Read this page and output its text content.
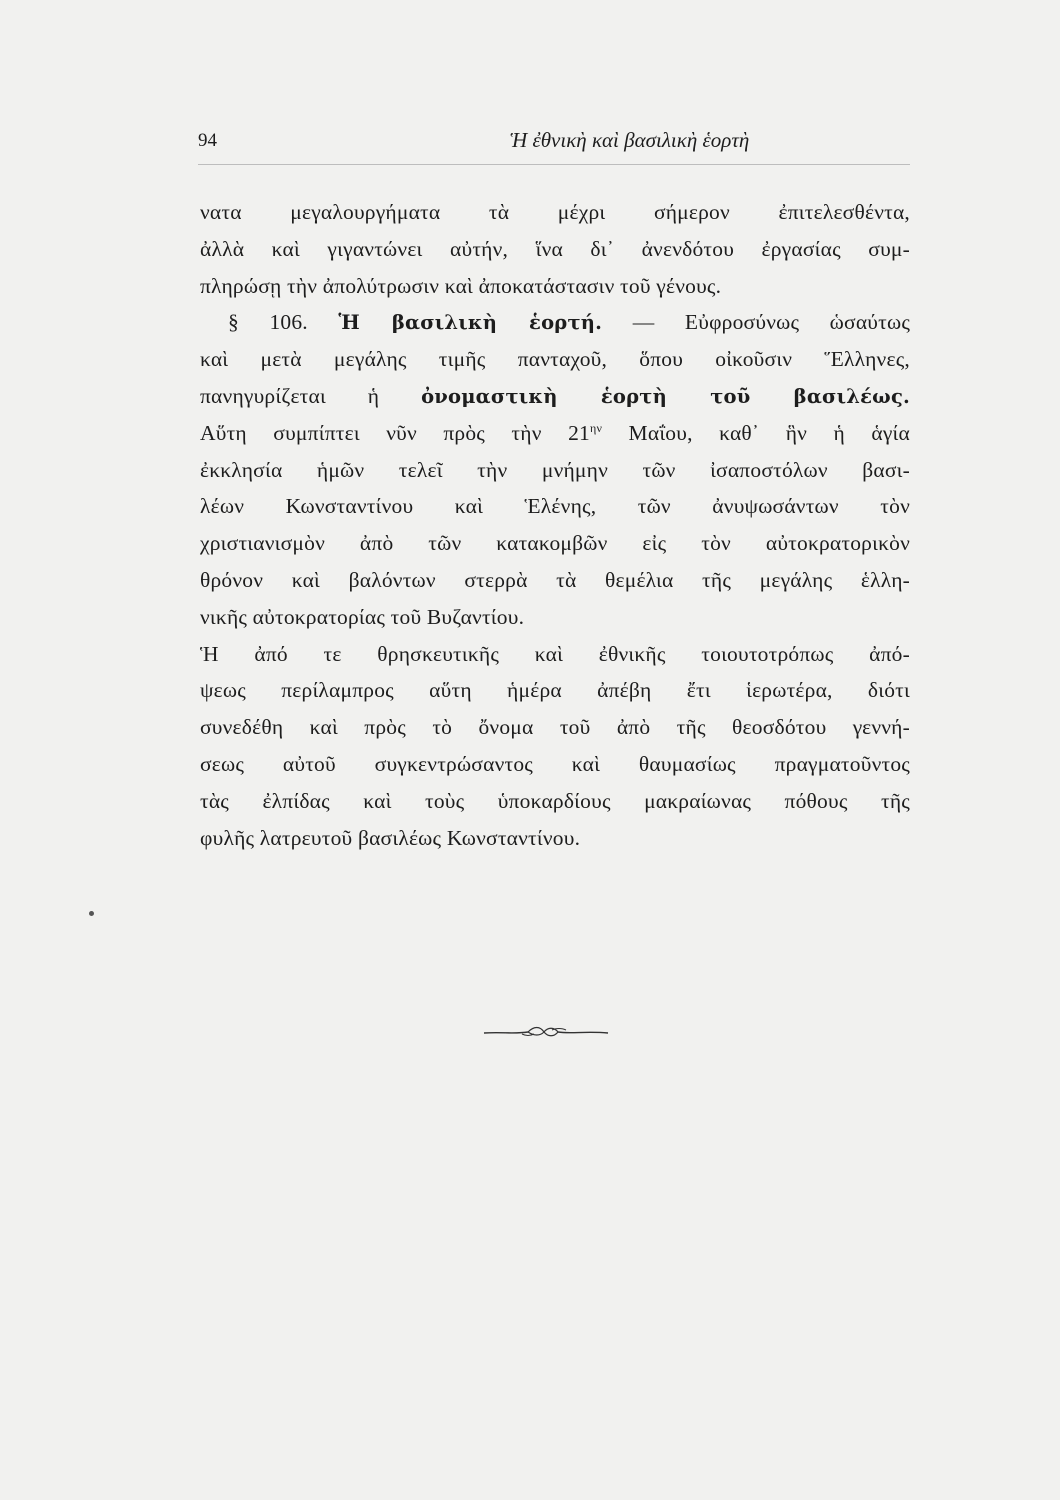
94	Ἡ ἐθνικὴ καὶ βασιλικὴ ἑορτὴ
νατα μεγαλουργήματα τὰ μέχρι σήμερον ἐπιτελεσθέντα,
ἀλλὰ καὶ γιγαντώνει αὐτήν, ἵνα δι᾽ ἀνενδότου ἐργασίας συμ-
πληρώσῃ τὴν ἀπολύτρωσιν καὶ ἀποκατάστασιν τοῦ γένους.
§ 106. Ἡ βασιλικὴ ἑορτή. — Εὐφροσύνως ὡσαύτως
καὶ μετὰ μεγάλης τιμῆς πανταχοῦ, ὅπου οἰκοῦσιν Ἕλληνες,
πανηγυρίζεται ἡ ὀνομαστικὴ ἑορτὴ τοῦ βασιλέως.
Αὕτη συμπίπτει νῦν πρὸς τὴν $21^{\eta\nu}$ Μαΐου, καθ᾽ ἣν ἡ ἁγία
ἐκκλησία ἡμῶν τελεῖ τὴν μνήμην τῶν ἰσαποστόλων βασι-
λέων Κωνσταντίνου καὶ Ἑλένης, τῶν ἀνυψωσάντων τὸν
χριστιανισμὸν ἀπὸ τῶν κατακομβῶν εἰς τὸν αὐτοκρατορικὸν
θρόνον καὶ βαλόντων στερρὰ τὰ θεμέλια τῆς μεγάλης ἑλλη-
νικῆς αὐτοκρατορίας τοῦ Βυζαντίου.
Ἡ ἀπό τε θρησκευτικῆς καὶ ἐθνικῆς τοιουτοτρόπως ἀπό-
ψεως περίλαμπρος αὕτη ἡμέρα ἀπέβη ἔτι ἱερωτέρα, διότι
συνεδέθη καὶ πρὸς τὸ ὄνομα τοῦ ἀπὸ τῆς θεοσδότου γεννή-
σεως αὐτοῦ συγκεντρώσαντος καὶ θαυμασίως πραγματοῦντος
τὰς ἐλπίδας καὶ τοὺς ὑποκαρδίους μακραίωνας πόθους τῆς
φυλῆς λατρευτοῦ βασιλέως Κωνσταντίνου.
